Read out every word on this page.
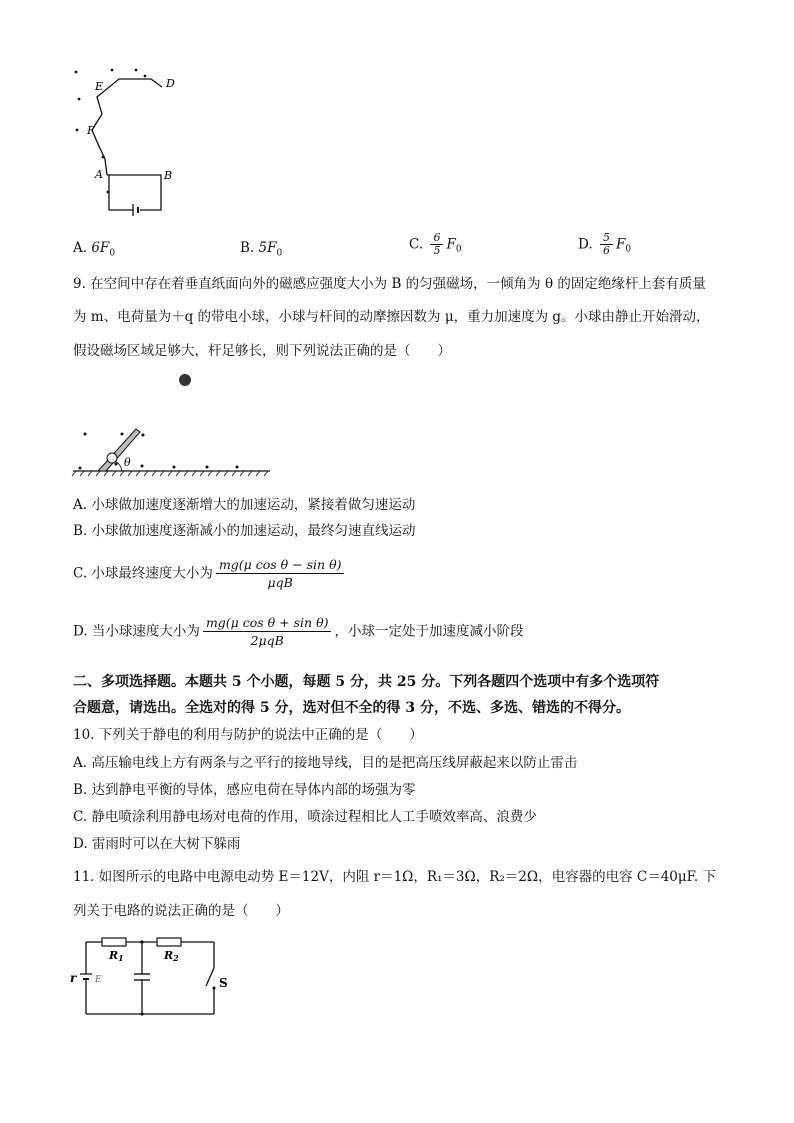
E	D
F
A	B
A. $6F_0$	B. $5F_0$
C. $\frac{6}{5} F_0$	D. $\frac{5}{6} F_0$
9. 在空间中存在着垂直纸面向外的磁感应强度大小为 B 的匀强磁场，一倾角为 θ 的固定绝缘杆上套有质量
为 m、电荷量为＋q 的带电小球，小球与杆间的动摩擦因数为 μ，重力加速度为 g。小球由静止开始滑动，
假设磁场区域足够大，杆足够长，则下列说法正确的是（　　）
θ
A. 小球做加速度逐渐增大的加速运动，紧接着做匀速运动
B. 小球做加速度逐渐减小的加速运动，最终匀速直线运动
C. 小球最终速度大小为 $\frac{\text{mg(μ cos θ − sin θ)}}{\text{μqB}}$
D. 当小球速度大小为 $\frac{\text{mg(μ cos θ + sin θ)}}{\text{2μqB}}$ ，小球一定处于加速度减小阶段
二、多项选择题。本题共 5 个小题，每题 5 分，共 25 分。下列各题四个选项中有多个选项符
合题意，请选出。全选对的得 5 分，选对但不全的得 3 分，不选、多选、错选的不得分。
10. 下列关于静电的利用与防护的说法中正确的是（　　）
A. 高压输电线上方有两条与之平行的接地导线，目的是把高压线屏蔽起来以防止雷击
B. 达到静电平衡的导体，感应电荷在导体内部的场强为零
C. 静电喷涂利用静电场对电荷的作用，喷涂过程相比人工手喷效率高、浪费少
D. 雷雨时可以在大树下躲雨
11. 如图所示的电路中电源电动势 E＝12V，内阻 r＝1Ω，R₁＝3Ω，R₂＝2Ω，电容器的电容 C＝40μF. 下
列关于电路的说法正确的是（　　）
R1	R2
r E	S
